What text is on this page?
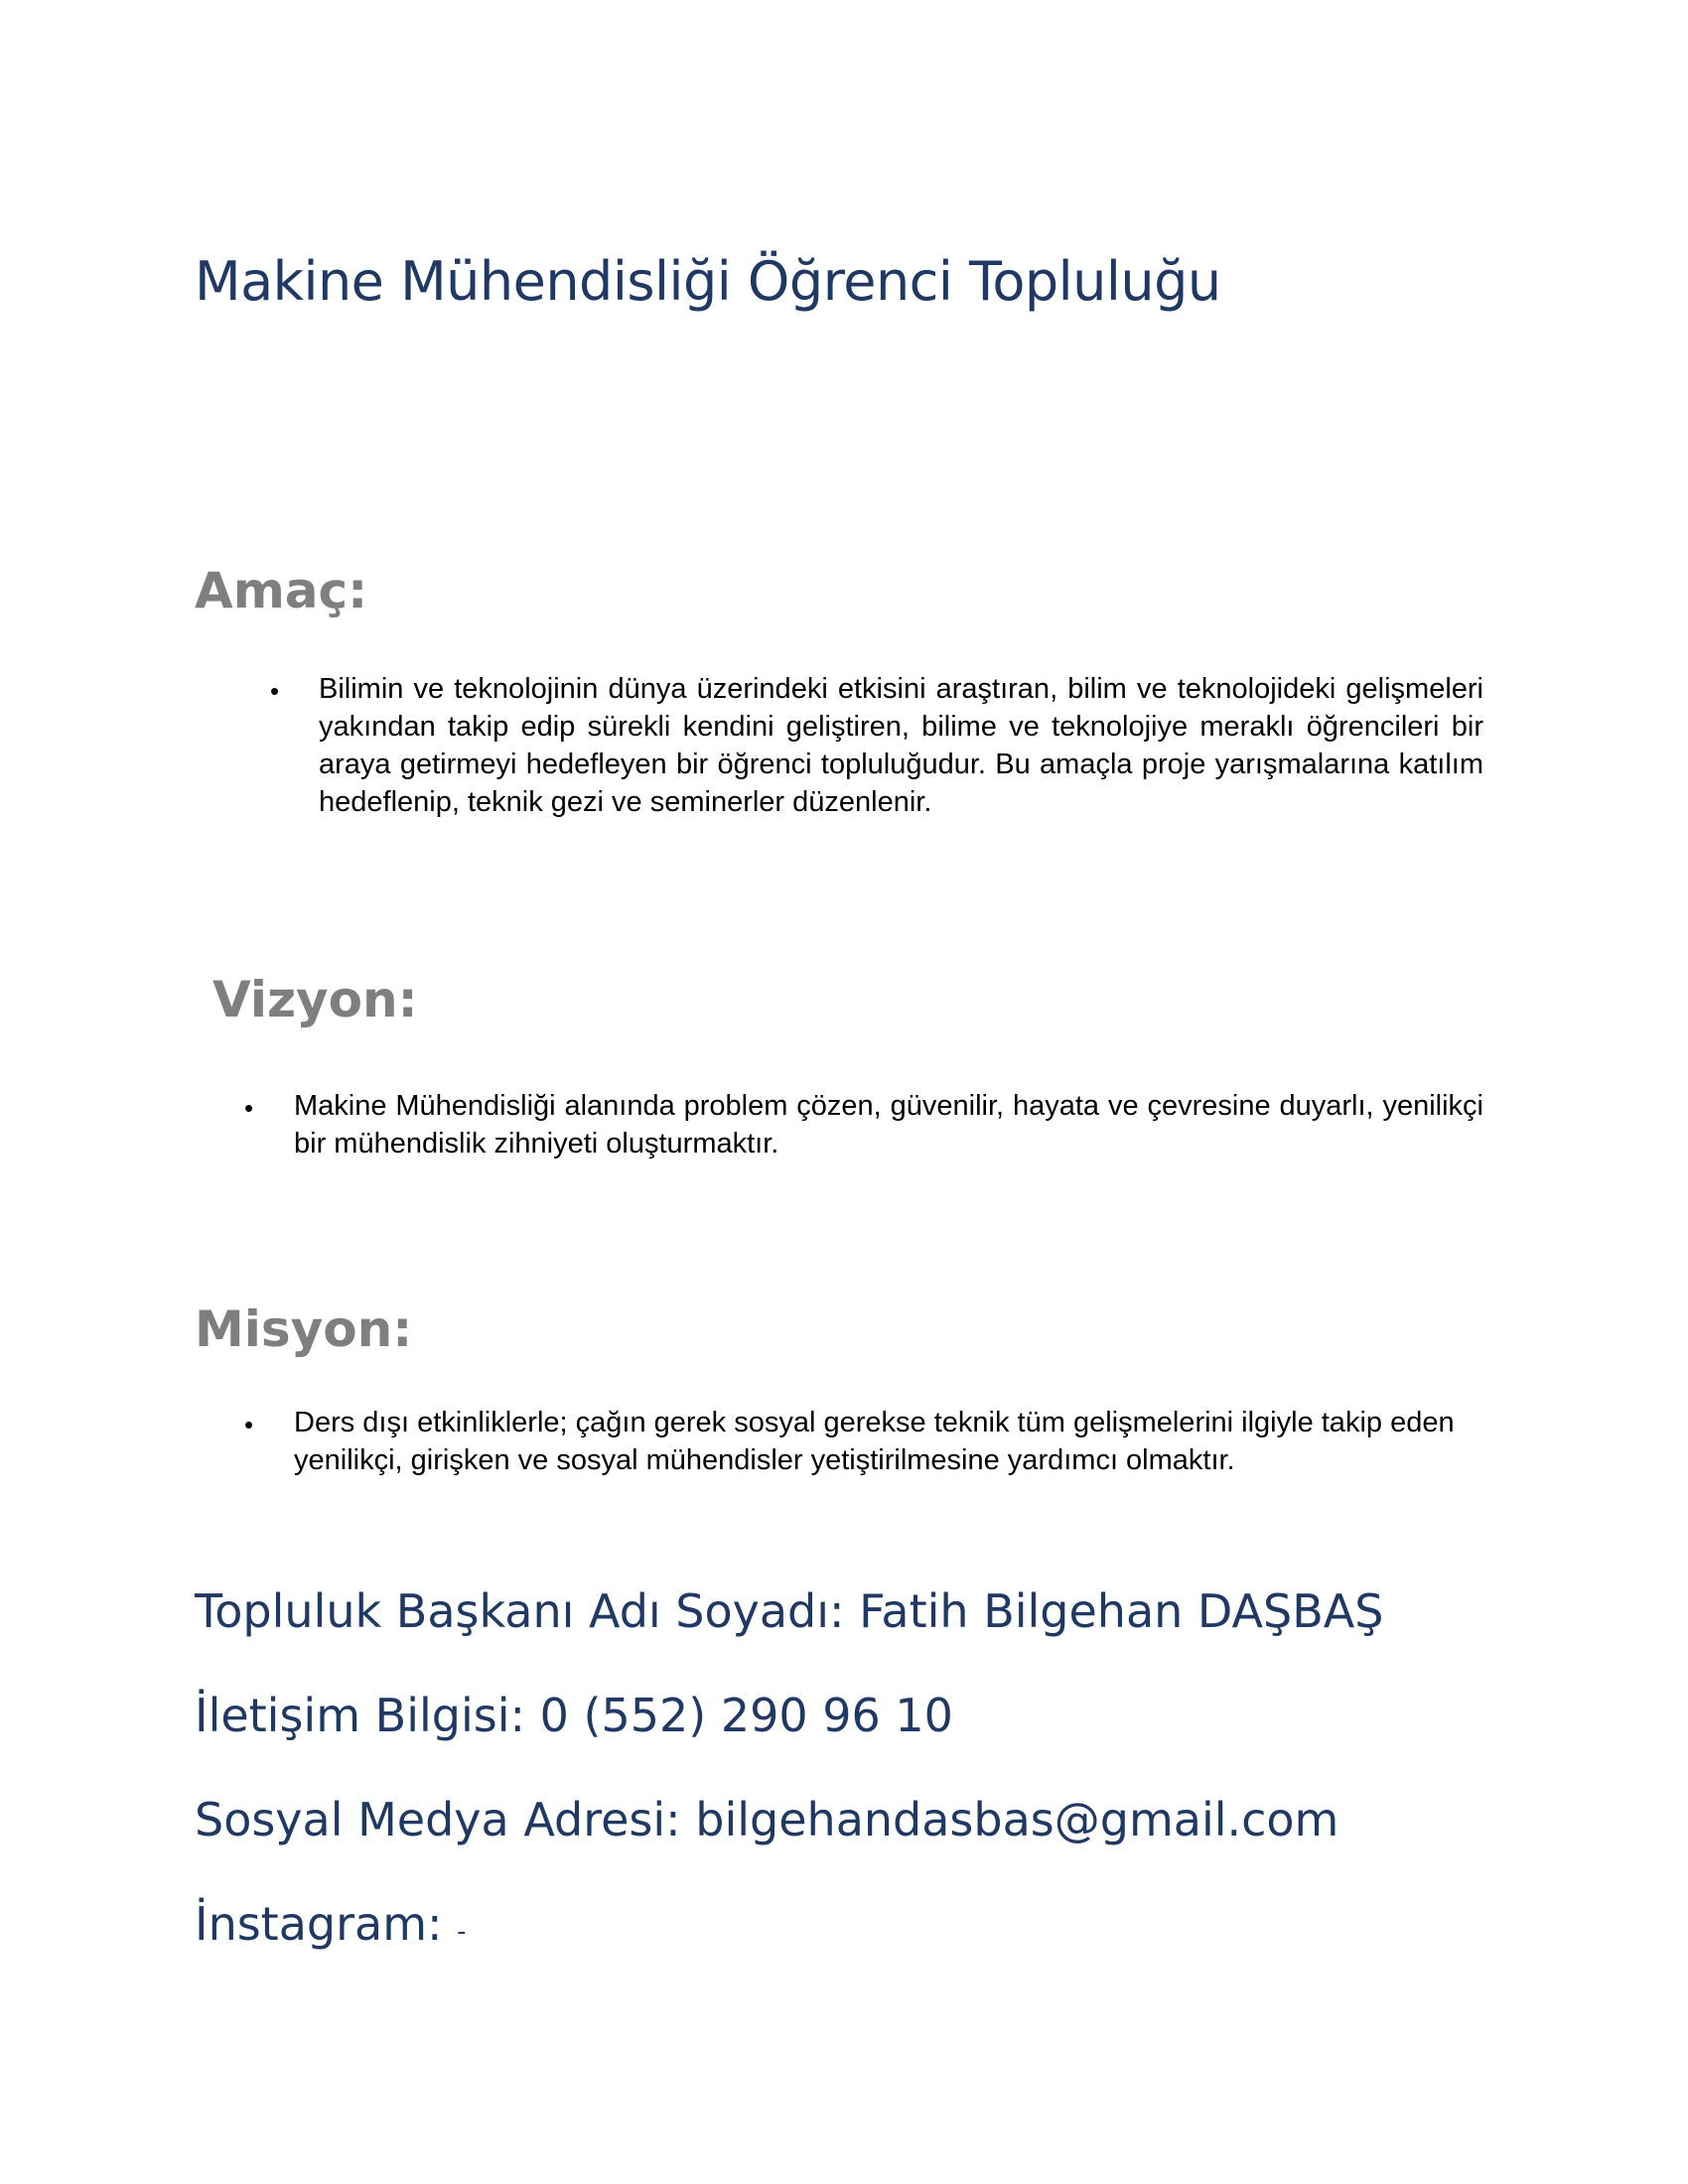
Makine Mühendisliği Öğrenci Topluluğu
Amaç:
• Bilimin ve teknolojinin dünya üzerindeki etkisini araştıran, bilim ve teknolojideki gelişmeleri yakından takip edip sürekli kendini geliştiren, bilime ve teknolojiye meraklı öğrencileri bir araya getirmeyi hedefleyen bir öğrenci topluluğudur. Bu amaçla proje yarışmalarına katılım hedeflenip, teknik gezi ve seminerler düzenlenir.
Vizyon:
• Makine Mühendisliği alanında problem çözen, güvenilir, hayata ve çevresine duyarlı, yenilikçi bir mühendislik zihniyeti oluşturmaktır.
Misyon:
• Ders dışı etkinliklerle; çağın gerek sosyal gerekse teknik tüm gelişmelerini ilgiyle takip eden yenilikçi, girişken ve sosyal mühendisler yetiştirilmesine yardımcı olmaktır.
Topluluk Başkanı Adı Soyadı: Fatih Bilgehan DAŞBAŞ
İletişim Bilgisi: 0 (552) 290 96 10
Sosyal Medya Adresi: bilgehandasbas@gmail.com
İnstagram: -
